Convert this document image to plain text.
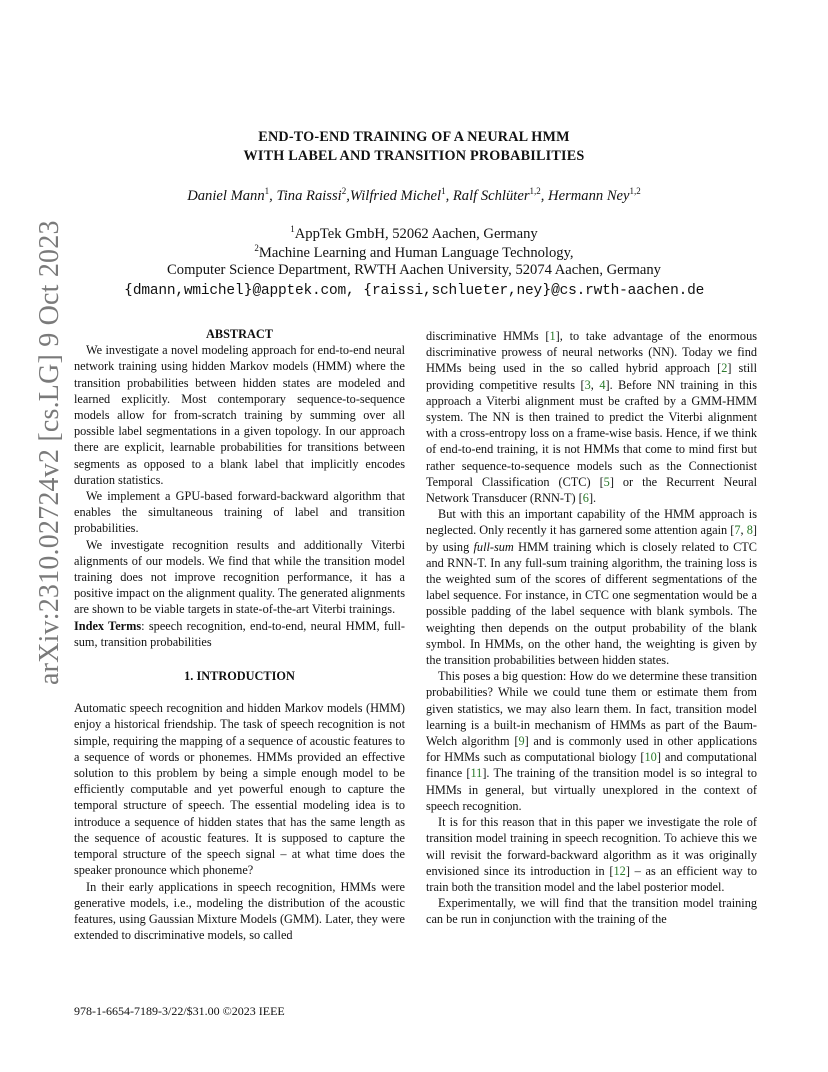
END-TO-END TRAINING OF A NEURAL HMM
WITH LABEL AND TRANSITION PROBABILITIES
Daniel Mann$^1$, Tina Raissi$^2$,Wilfried Michel$^1$, Ralf Schlüter$^{1,2}$, Hermann Ney$^{1,2}$
$^1$AppTek GmbH, 52062 Aachen, Germany
$^2$Machine Learning and Human Language Technology,
Computer Science Department, RWTH Aachen University, 52074 Aachen, Germany
{dmann,wmichel}@apptek.com, {raissi,schlueter,ney}@cs.rwth-aachen.de
arXiv:2310.02724v2 [cs.LG] 9 Oct 2023	ABSTRACT

We investigate a novel modeling approach for end-to-end neural network training using hidden Markov models (HMM) where the transition probabilities between hidden states are modeled and learned explicitly. Most contemporary sequence-to-sequence models allow for from-scratch training by summing over all possible label segmentations in a given topology. In our approach there are explicit, learnable probabilities for transitions between segments as opposed to a blank label that implicitly encodes duration statistics.

We implement a GPU-based forward-backward algorithm that enables the simultaneous training of label and transition probabilities.

We investigate recognition results and additionally Viterbi alignments of our models. We find that while the transition model training does not improve recognition performance, it has a positive impact on the alignment quality. The generated alignments are shown to be viable targets in state-of-the-art Viterbi trainings.

Index Terms: speech recognition, end-to-end, neural HMM, full-sum, transition probabilities

1. INTRODUCTION

Automatic speech recognition and hidden Markov models (HMM) enjoy a historical friendship. The task of speech recognition is not simple, requiring the mapping of a sequence of acoustic features to a sequence of words or phonemes. HMMs provided an effective solution to this problem by being a simple enough model to be efficiently computable and yet powerful enough to capture the temporal structure of speech. The essential modeling idea is to introduce a sequence of hidden states that has the same length as the sequence of acoustic features. It is supposed to capture the temporal structure of the speech signal – at what time does the speaker pronounce which phoneme?

In their early applications in speech recognition, HMMs were generative models, i.e., modeling the distribution of the acoustic features, using Gaussian Mixture Models (GMM). Later, they were extended to discriminative models, so called

discriminative HMMs [1], to take advantage of the enormous discriminative prowess of neural networks (NN). Today we find HMMs being used in the so called hybrid approach [2] still providing competitive results [3, 4]. Before NN training in this approach a Viterbi alignment must be crafted by a GMM-HMM system. The NN is then trained to predict the Viterbi alignment with a cross-entropy loss on a frame-wise basis. Hence, if we think of end-to-end training, it is not HMMs that come to mind first but rather sequence-to-sequence models such as the Connectionist Temporal Classification (CTC) [5] or the Recurrent Neural Network Transducer (RNN-T) [6].

But with this an important capability of the HMM approach is neglected. Only recently it has garnered some attention again [7, 8] by using full-sum HMM training which is closely related to CTC and RNN-T. In any full-sum training algorithm, the training loss is the weighted sum of the scores of different segmentations of the label sequence. For instance, in CTC one segmentation would be a possible padding of the label sequence with blank symbols. The weighting then depends on the output probability of the blank symbol. In HMMs, on the other hand, the weighting is given by the transition probabilities between hidden states.

This poses a big question: How do we determine these transition probabilities? While we could tune them or estimate them from given statistics, we may also learn them. In fact, transition model learning is a built-in mechanism of HMMs as part of the Baum-Welch algorithm [9] and is commonly used in other applications for HMMs such as computational biology [10] and computational finance [11]. The training of the transition model is so integral to HMMs in general, but virtually unexplored in the context of speech recognition.

It is for this reason that in this paper we investigate the role of transition model training in speech recognition. To achieve this we will revisit the forward-backward algorithm as it was originally envisioned since its introduction in [12] – as an efficient way to train both the transition model and the label posterior model.

Experimentally, we will find that the transition model training can be run in conjunction with the training of the

978-1-6654-7189-3/22/$31.00 ©2023 IEEE
